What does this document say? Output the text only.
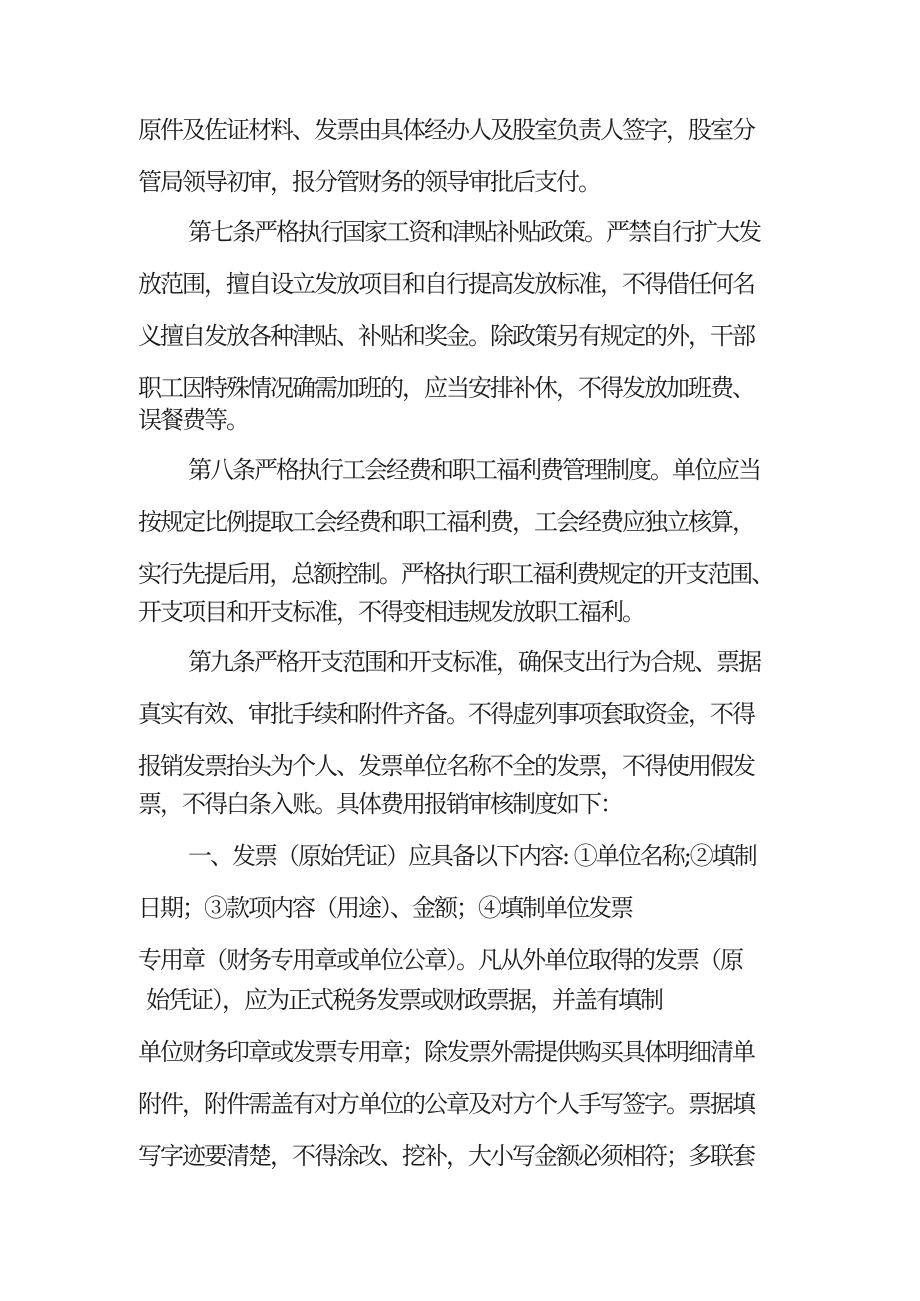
原件及佐证材料、发票由具体经办人及股室负责人签字，股室分
管局领导初审，报分管财务的领导审批后支付。
第七条严格执行国家工资和津贴补贴政策。严禁自行扩大发
放范围，擅自设立发放项目和自行提高发放标准，不得借任何名
义擅自发放各种津贴、补贴和奖金。除政策另有规定的外，干部
职工因特殊情况确需加班的，应当安排补休，不得发放加班费、
误餐费等。
第八条严格执行工会经费和职工福利费管理制度。单位应当
按规定比例提取工会经费和职工福利费，工会经费应独立核算，
实行先提后用，总额控制。严格执行职工福利费规定的开支范围、
开支项目和开支标准，不得变相违规发放职工福利。
第九条严格开支范围和开支标准，确保支出行为合规、票据
真实有效、审批手续和附件齐备。不得虚列事项套取资金，不得
报销发票抬头为个人、发票单位名称不全的发票，不得使用假发
票，不得白条入账。具体费用报销审核制度如下：
一、发票（原始凭证）应具备以下内容: ①单位名称;②填制
日期；③款项内容（用途）、金额；④填制单位发票
专用章（财务专用章或单位公章）。凡从外单位取得的发票（原
始凭证），应为正式税务发票或财政票据，并盖有填制
单位财务印章或发票专用章；除发票外需提供购买具体明细清单
附件，附件需盖有对方单位的公章及对方个人手写签字。票据填
写字迹要清楚，不得涂改、挖补，大小写金额必须相符；多联套
